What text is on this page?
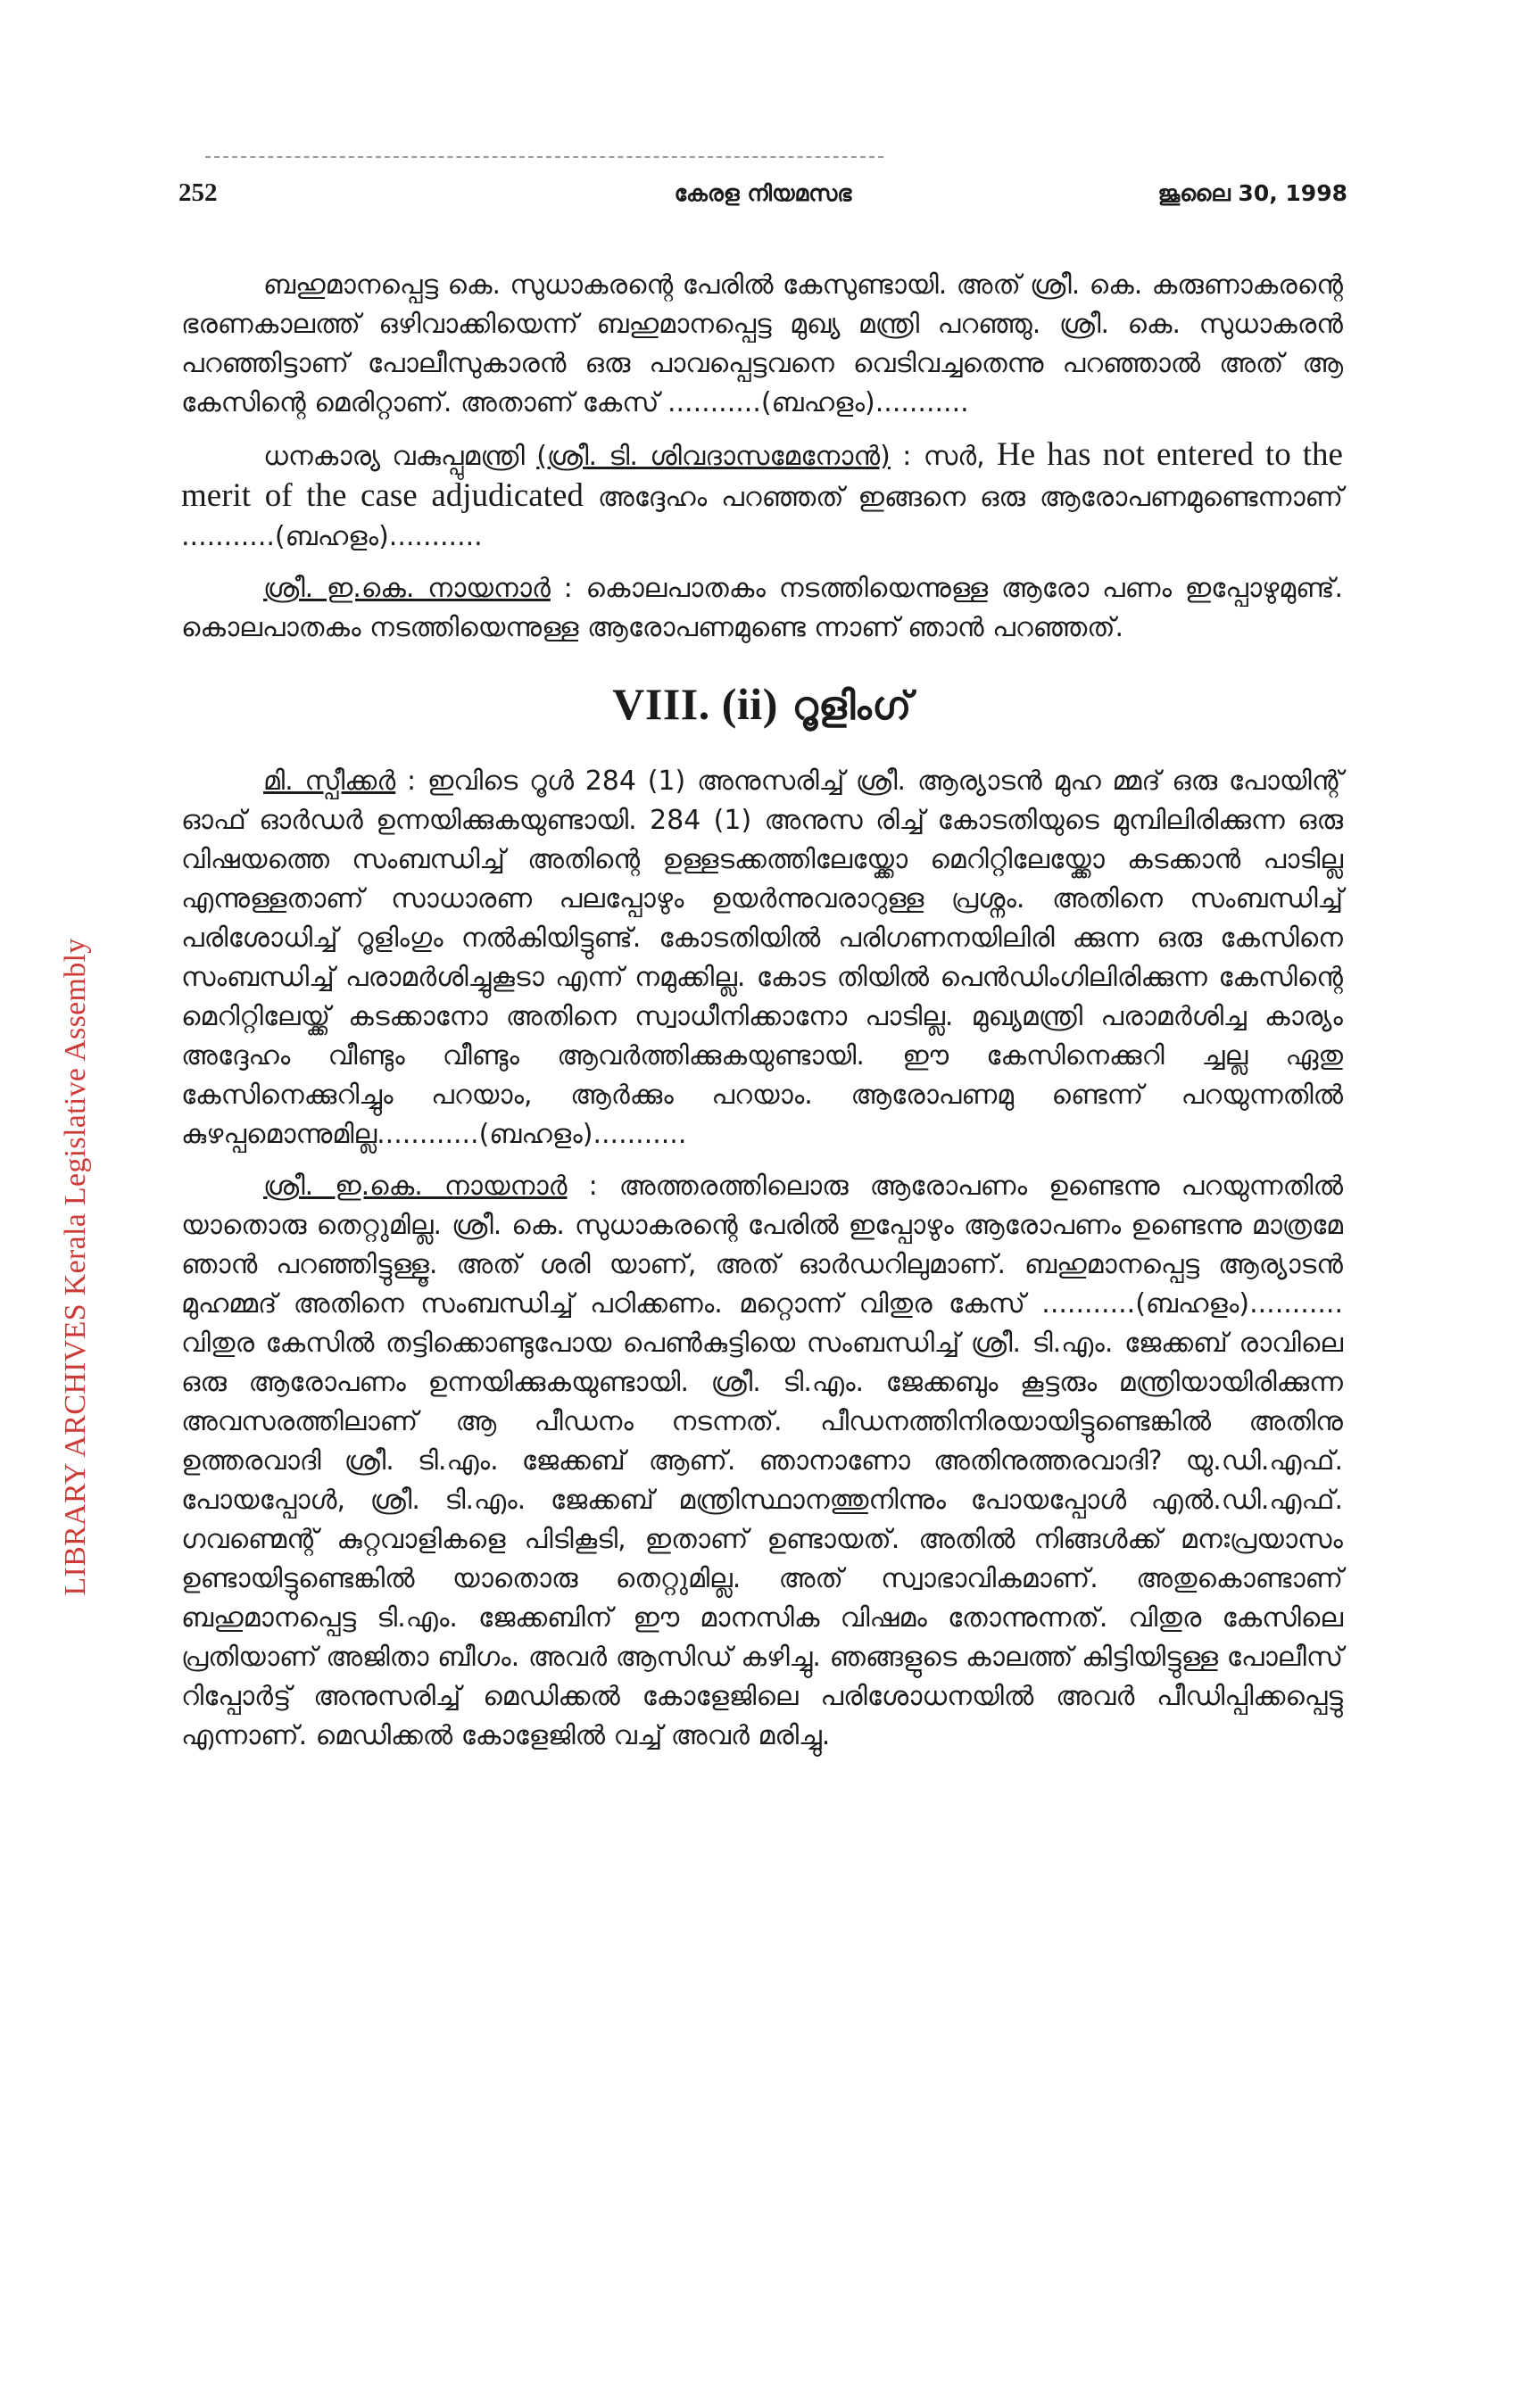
252	കേരള നിയമസഭ	ജൂലൈ 30, 1998
LIBRARY ARCHIVES Kerala Legislative Assembly

ബഹുമാനപ്പെട്ട കെ. സുധാകരന്റെ പേരിൽ കേസുണ്ടായി. അത് ശ്രീ. കെ. കരുണാകരന്റെ ഭരണകാലത്ത് ഒഴിവാക്കിയെന്ന് ബഹുമാനപ്പെട്ട മുഖ്യ മന്ത്രി പറഞ്ഞു. ശ്രീ. കെ. സുധാകരൻ പറഞ്ഞിട്ടാണ് പോലീസുകാരൻ ഒരു പാവപ്പെട്ടവനെ വെടിവച്ചതെന്നു പറഞ്ഞാൽ അത് ആ കേസിന്റെ മെരിറ്റാണ്. അതാണ് കേസ് ...........(ബഹളം)...........

ധനകാര്യ വകുപ്പുമന്ത്രി (ശ്രീ. ടി. ശിവദാസമേനോൻ) : സർ, He has not entered to the merit of the case adjudicated അദ്ദേഹം പറഞ്ഞത് ഇങ്ങനെ ഒരു ആരോപണമുണ്ടെന്നാണ് ...........(ബഹളം)...........

ശ്രീ. ഇ.കെ. നായനാർ : കൊലപാതകം നടത്തിയെന്നുള്ള ആരോ പണം ഇപ്പോഴുമുണ്ട്. കൊലപാതകം നടത്തിയെന്നുള്ള ആരോപണമുണ്ടെ ന്നാണ് ഞാൻ പറഞ്ഞത്.

VIII. (ii) റൂളിംഗ്

മി. സ്പീക്കർ : ഇവിടെ റൂൾ 284 (1) അനുസരിച്ച് ശ്രീ. ആര്യാടൻ മുഹ മ്മദ് ഒരു പോയിന്റ് ഓഫ് ഓർഡർ ഉന്നയിക്കുകയുണ്ടായി. 284 (1) അനുസ രിച്ച് കോടതിയുടെ മുമ്പിലിരിക്കുന്ന ഒരു വിഷയത്തെ സംബന്ധിച്ച് അതിന്റെ ഉള്ളടക്കത്തിലേയ്ക്കോ മെറിറ്റിലേയ്ക്കോ കടക്കാൻ പാടില്ല എന്നുള്ളതാണ് സാധാരണ പലപ്പോഴും ഉയർന്നുവരാറുള്ള പ്രശ്നം. അതിനെ സംബന്ധിച്ച് പരിശോധിച്ച് റൂളിംഗും നൽകിയിട്ടുണ്ട്. കോടതിയിൽ പരിഗണനയിലിരി ക്കുന്ന ഒരു കേസിനെ സംബന്ധിച്ച് പരാമർശിച്ചുകൂടാ എന്ന് നമുക്കില്ല. കോട തിയിൽ പെൻഡിംഗിലിരിക്കുന്ന കേസിന്റെ മെറിറ്റിലേയ്ക്ക് കടക്കാനോ അതിനെ സ്വാധീനിക്കാനോ പാടില്ല. മുഖ്യമന്ത്രി പരാമർശിച്ച കാര്യം അദ്ദേഹം വീണ്ടും വീണ്ടും ആവർത്തിക്കുകയുണ്ടായി. ഈ കേസിനെക്കുറി ച്ചല്ല ഏതു കേസിനെക്കുറിച്ചും പറയാം, ആർക്കും പറയാം. ആരോപണമു ണ്ടെന്ന് പറയുന്നതിൽ കുഴപ്പമൊന്നുമില്ല............(ബഹളം)...........

ശ്രീ. ഇ.കെ. നായനാർ : അത്തരത്തിലൊരു ആരോപണം ഉണ്ടെന്നു പറയുന്നതിൽ യാതൊരു തെറ്റുമില്ല. ശ്രീ. കെ. സുധാകരന്റെ പേരിൽ ഇപ്പോഴും ആരോപണം ഉണ്ടെന്നു മാത്രമേ ഞാൻ പറഞ്ഞിട്ടുള്ളൂ. അത് ശരി യാണ്, അത് ഓർഡറിലുമാണ്. ബഹുമാനപ്പെട്ട ആര്യാടൻ മുഹമ്മദ് അതിനെ സംബന്ധിച്ച് പഠിക്കണം. മറ്റൊന്ന് വിതുര കേസ് ...........(ബഹളം)........... വിതുര കേസിൽ തട്ടിക്കൊണ്ടുപോയ പെൺകുട്ടിയെ സംബന്ധിച്ച് ശ്രീ. ടി.എം. ജേക്കബ് രാവിലെ ഒരു ആരോപണം ഉന്നയിക്കുകയുണ്ടായി. ശ്രീ. ടി.എം. ജേക്കബും കൂട്ടരും മന്ത്രിയായിരിക്കുന്ന അവസരത്തിലാണ് ആ പീഡനം നടന്നത്. പീഡനത്തിനിരയായിട്ടുണ്ടെങ്കിൽ അതിനു ഉത്തരവാദി ശ്രീ. ടി.എം. ജേക്കബ് ആണ്. ഞാനാണോ അതിനുത്തരവാദി? യു.ഡി.എഫ്. പോയപ്പോൾ, ശ്രീ. ടി.എം. ജേക്കബ് മന്ത്രിസ്ഥാനത്തുനിന്നും പോയപ്പോൾ എൽ.ഡി.എഫ്. ഗവണ്മെന്റ് കുറ്റവാളികളെ പിടികൂടി, ഇതാണ് ഉണ്ടായത്. അതിൽ നിങ്ങൾക്ക് മനഃപ്രയാസം ഉണ്ടായിട്ടുണ്ടെങ്കിൽ യാതൊരു തെറ്റുമില്ല. അത് സ്വാഭാവികമാണ്. അതുകൊണ്ടാണ് ബഹുമാനപ്പെട്ട ടി.എം. ജേക്കബിന് ഈ മാനസിക വിഷമം തോന്നുന്നത്. വിതുര കേസിലെ പ്രതിയാണ് അജിതാ ബീഗം. അവർ ആസിഡ് കഴിച്ചു. ഞങ്ങളുടെ കാലത്ത് കിട്ടിയിട്ടുള്ള പോലീസ് റിപ്പോർട്ട് അനുസരിച്ച് മെഡിക്കൽ കോളേജിലെ പരിശോധനയിൽ അവർ പീഡിപ്പിക്കപ്പെട്ടു എന്നാണ്. മെഡിക്കൽ കോളേജിൽ വച്ച് അവർ മരിച്ചു.
